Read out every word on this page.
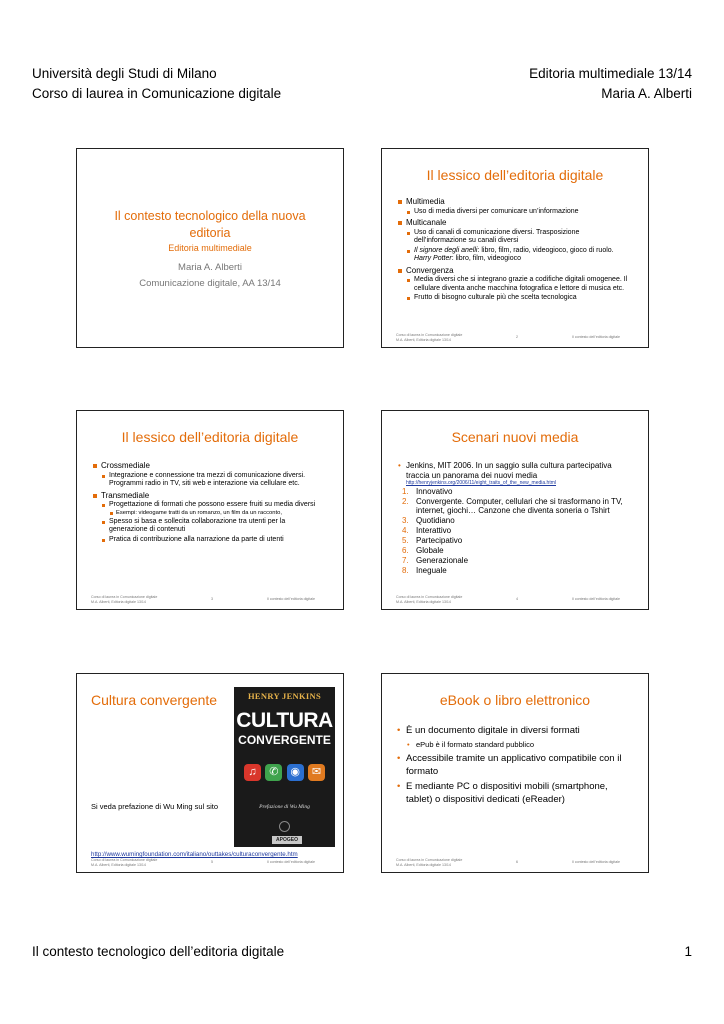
Università degli Studi di Milano
Corso di laurea in Comunicazione digitale
Editoria multimediale 13/14
Maria A. Alberti
Il contesto tecnologico della nuova
editoria
Editoria multimediale
Maria A. Alberti
Comunicazione digitale, AA 13/14
Il lessico dell’editoria digitale
Multimedia
Uso di media diversi per comunicare un’informazione
Multicanale
Uso di canali di comunicazione diversi. Trasposizione dell’informazione su canali diversi
Il signore degli anelli: libro, film, radio, videogioco, gioco di ruolo. Harry Potter: libro, film, videogioco
Convergenza
Media diversi che si integrano grazie a codifiche digitali omogenee. Il cellulare diventa anche macchina fotografica e lettore di musica etc.
Frutto di bisogno culturale più che scelta tecnologica
Corso di laurea in Comunicazione digitale
M.A. Alberti, Editoria digitale 13/14
2	Il contesto dell’editoria digitale
Il lessico dell’editoria digitale
Crossmediale
Integrazione e connessione tra mezzi di comunicazione diversi. Programmi radio in TV, siti web e interazione via cellulare etc.
Transmediale
Progettazione di formati che possono essere fruiti su media diversi
Esempi: videogame tratti da un romanzo, un film da un racconto,
Spesso si basa e sollecita collaborazione tra utenti per la generazione di contenuti
Pratica di contribuzione alla narrazione da parte di utenti
Corso di laurea in Comunicazione digitale
M.A. Alberti, Editoria digitale 13/14
3	Il contesto dell’editoria digitale
Scenari nuovi media
• Jenkins, MIT 2006. In un saggio sulla cultura partecipativa traccia un panorama dei nuovi media

http://henryjenkins.org/2006/11/eight_traits_of_the_new_media.html
1. Innovativo
2. Convergente. Computer, cellulari che si trasformano in TV, internet, giochi… Canzone che diventa soneria o Tshirt
3. Quotidiano
4. Interattivo
5. Partecipativo
6. Globale
7. Generazionale
8. Ineguale
Corso di laurea in Comunicazione digitale
M.A. Alberti, Editoria digitale 13/14
4	Il contesto dell’editoria digitale
Cultura convergente
Si veda prefazione di Wu Ming sul sito
HENRY JENKINS
CULTURA
CONVERGENTE
♫	✆	◉	✉
Prefazione di Wu Ming
APOGEO
http://www.wumingfoundation.com/italiano/outtakes/culturaconvergente.htm
Corso di laurea in Comunicazione digitale
M.A. Alberti, Editoria digitale 13/14
5	Il contesto dell’editoria digitale
eBook o libro elettronico
• È un documento digitale in diversi formati
• ePub è il formato standard pubblico
• Accessibile tramite un applicativo compatibile con il formato
• E mediante PC o dispositivi mobili (smartphone, tablet) o dispositivi dedicati (eReader)
Corso di laurea in Comunicazione digitale
M.A. Alberti, Editoria digitale 13/14
6	Il contesto dell’editoria digitale
Il contesto tecnologico dell’editoria digitale	1
